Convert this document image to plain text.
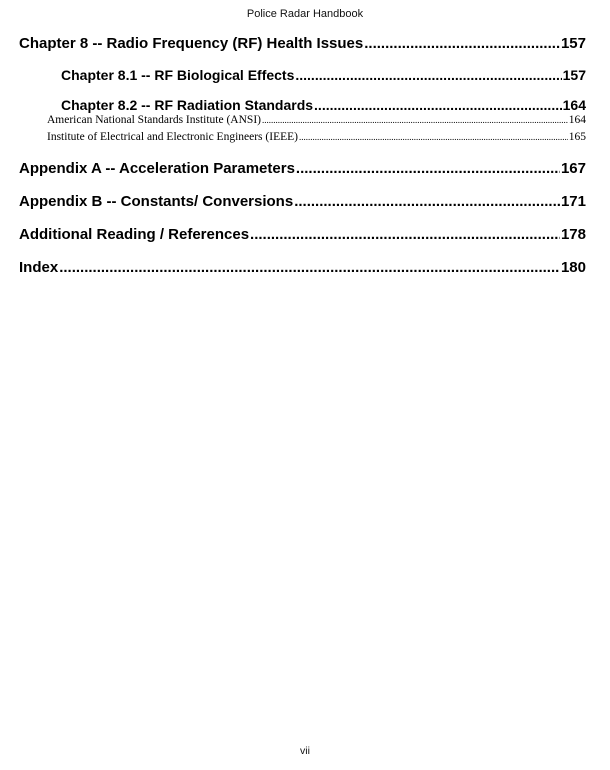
Police Radar Handbook
Chapter 8 -- Radio Frequency (RF) Health Issues .....	157
Chapter 8.1 -- RF Biological Effects .....	157
Chapter 8.2 -- RF Radiation Standards .....	164
American National Standards Institute (ANSI) .....	164
Institute of Electrical and Electronic Engineers (IEEE) .....	165
Appendix A -- Acceleration Parameters .....	167
Appendix B -- Constants/ Conversions .....	171
Additional Reading / References .....	178
Index .....	180
vii
